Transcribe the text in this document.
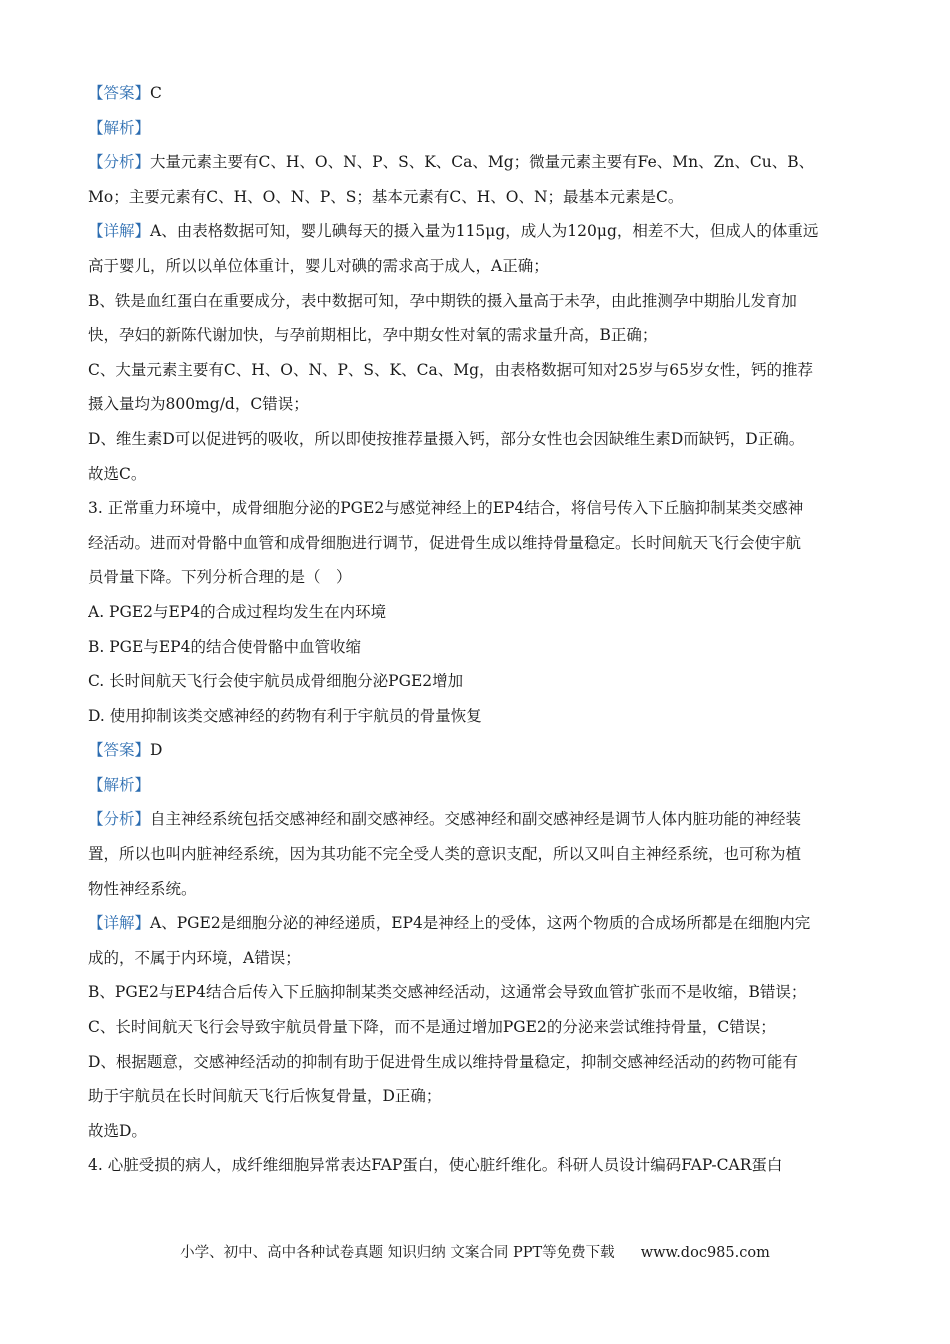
【答案】C
【解析】
【分析】大量元素主要有C、H、O、N、P、S、K、Ca、Mg；微量元素主要有Fe、Mn、Zn、Cu、B、
Mo；主要元素有C、H、O、N、P、S；基本元素有C、H、O、N；最基本元素是C。
【详解】A、由表格数据可知，婴儿碘每天的摄入量为115μg，成人为120μg，相差不大，但成人的体重远
高于婴儿，所以以单位体重计，婴儿对碘的需求高于成人，A正确；
B、铁是血红蛋白在重要成分，表中数据可知，孕中期铁的摄入量高于未孕，由此推测孕中期胎儿发育加
快，孕妇的新陈代谢加快，与孕前期相比，孕中期女性对氧的需求量升高，B正确；
C、大量元素主要有C、H、O、N、P、S、K、Ca、Mg，由表格数据可知对25岁与65岁女性，钙的推荐
摄入量均为800mg/d，C错误；
D、维生素D可以促进钙的吸收，所以即使按推荐量摄入钙，部分女性也会因缺维生素D而缺钙，D正确。
故选C。
3. 正常重力环境中，成骨细胞分泌的PGE2与感觉神经上的EP4结合，将信号传入下丘脑抑制某类交感神
经活动。进而对骨骼中血管和成骨细胞进行调节，促进骨生成以维持骨量稳定。长时间航天飞行会使宇航
员骨量下降。下列分析合理的是（　）
A. PGE2与EP4的合成过程均发生在内环境
B. PGE与EP4的结合使骨骼中血管收缩
C. 长时间航天飞行会使宇航员成骨细胞分泌PGE2增加
D. 使用抑制该类交感神经的药物有利于宇航员的骨量恢复
【答案】D
【解析】
【分析】自主神经系统包括交感神经和副交感神经。交感神经和副交感神经是调节人体内脏功能的神经装
置，所以也叫内脏神经系统，因为其功能不完全受人类的意识支配，所以又叫自主神经系统，也可称为植
物性神经系统。
【详解】A、PGE2是细胞分泌的神经递质，EP4是神经上的受体，这两个物质的合成场所都是在细胞内完
成的，不属于内环境，A错误；
B、PGE2与EP4结合后传入下丘脑抑制某类交感神经活动，这通常会导致血管扩张而不是收缩，B错误；
C、长时间航天飞行会导致宇航员骨量下降，而不是通过增加PGE2的分泌来尝试维持骨量，C错误；
D、根据题意，交感神经活动的抑制有助于促进骨生成以维持骨量稳定，抑制交感神经活动的药物可能有
助于宇航员在长时间航天飞行后恢复骨量，D正确；
故选D。
4. 心脏受损的病人，成纤维细胞异常表达FAP蛋白，使心脏纤维化。科研人员设计编码FAP-CAR蛋白
小学、初中、高中各种试卷真题 知识归纳 文案合同 PPT等免费下载 www.doc985.com
